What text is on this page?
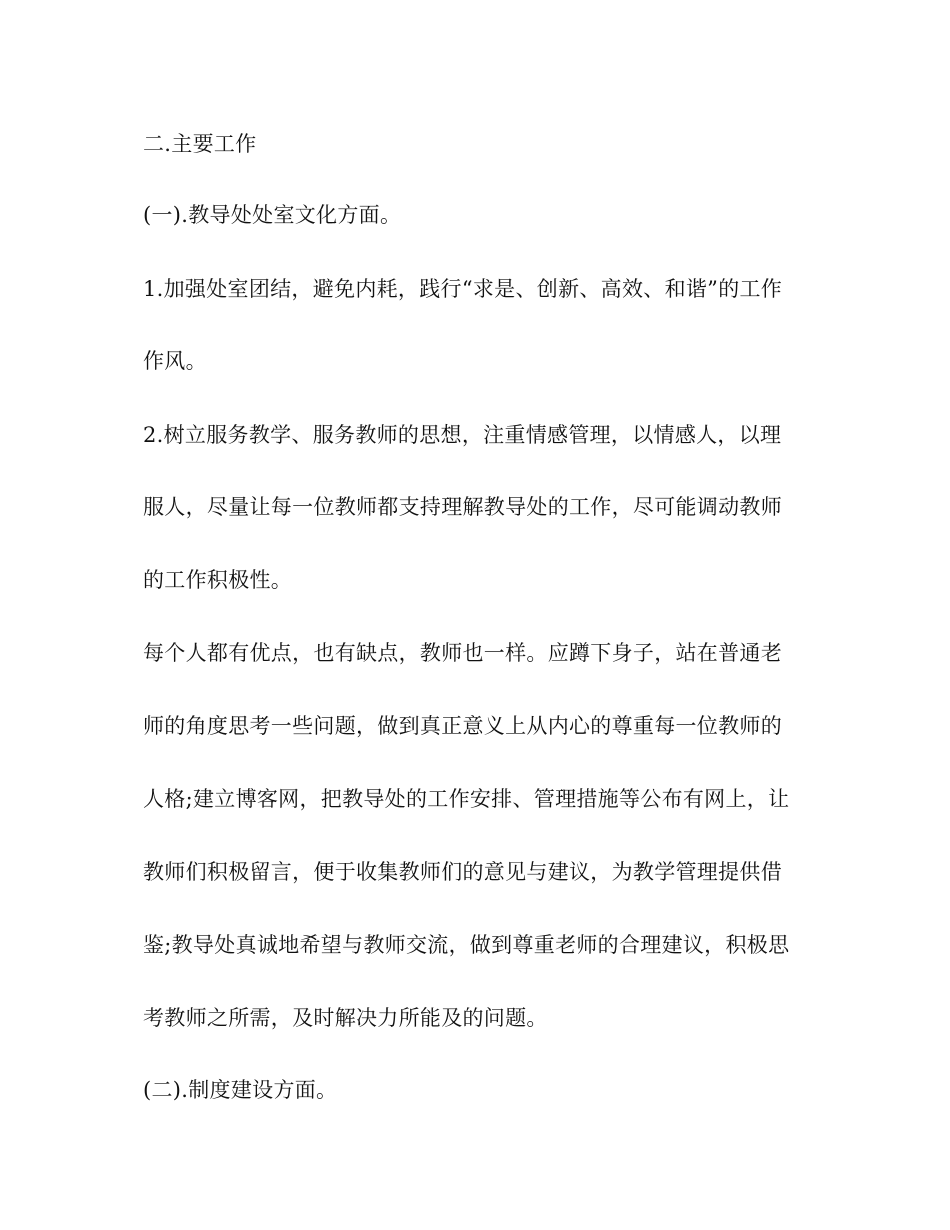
二.主要工作
(一).教导处处室文化方面。
1.加强处室团结，避免内耗，践行“求是、创新、高效、和谐”的工作
作风。
2.树立服务教学、服务教师的思想，注重情感管理，以情感人，以理
服人，尽量让每一位教师都支持理解教导处的工作，尽可能调动教师
的工作积极性。
每个人都有优点，也有缺点，教师也一样。应蹲下身子，站在普通老
师的角度思考一些问题，做到真正意义上从内心的尊重每一位教师的
人格;建立博客网，把教导处的工作安排、管理措施等公布有网上，让
教师们积极留言，便于收集教师们的意见与建议，为教学管理提供借
鉴;教导处真诚地希望与教师交流，做到尊重老师的合理建议，积极思
考教师之所需，及时解决力所能及的问题。
(二).制度建设方面。
